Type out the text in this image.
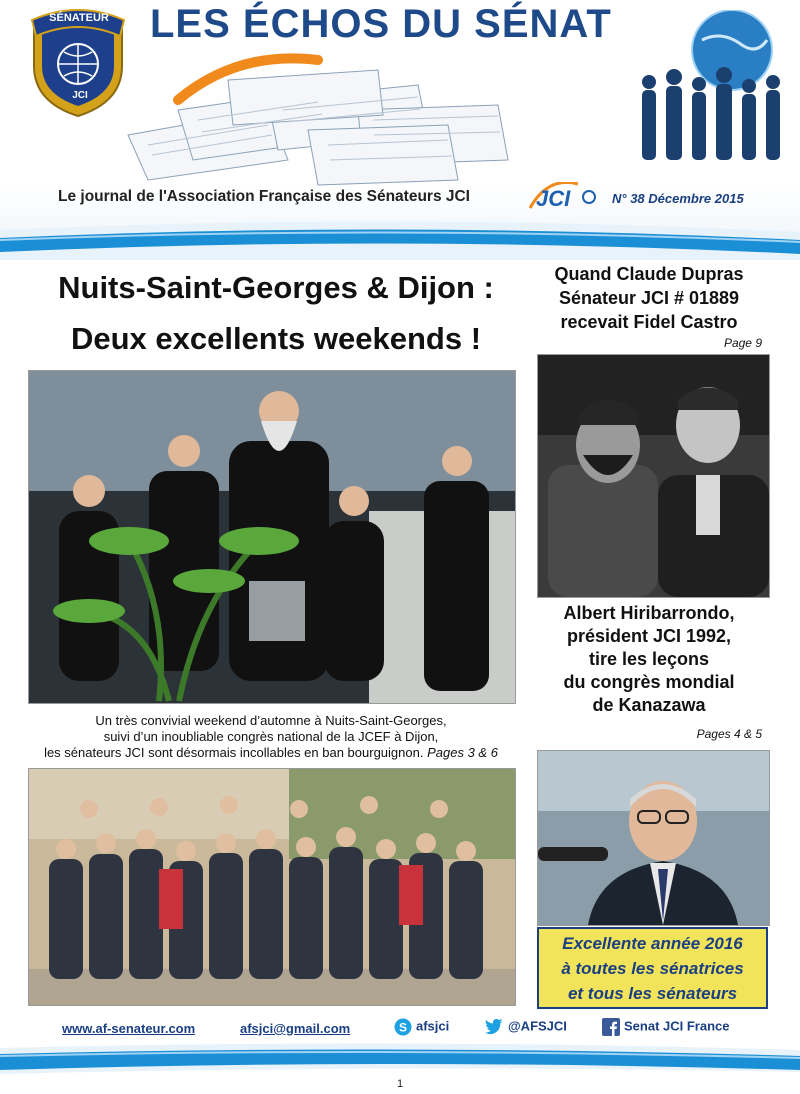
SÉNATEUR
JCI
LES ÉCHOS DU SÉNAT
Le journal de l'Association Française des Sénateurs JCI	JCI	N° 38 Décembre 2015
Nuits-Saint-Georges & Dijon :
Deux excellents weekends !
Quand Claude Dupras
Sénateur JCI # 01889
recevait Fidel Castro
Page 9
Un très convivial weekend d’automne à Nuits-Saint-Georges,
suivi d’un inoubliable congrès national de la JCEF à Dijon,
les sénateurs JCI sont désormais incollables en ban bourguignon. Pages 3 & 6
Albert Hiribarrondo,
président JCI 1992,
tire les leçons
du congrès mondial
de Kanazawa
Pages 4 & 5
Excellente année 2016
à toutes les sénatrices
et tous les sénateurs
www.af-senateur.com	afsjci@gmail.com	S afsjci	@AFSJCI	Senat JCI France
1
